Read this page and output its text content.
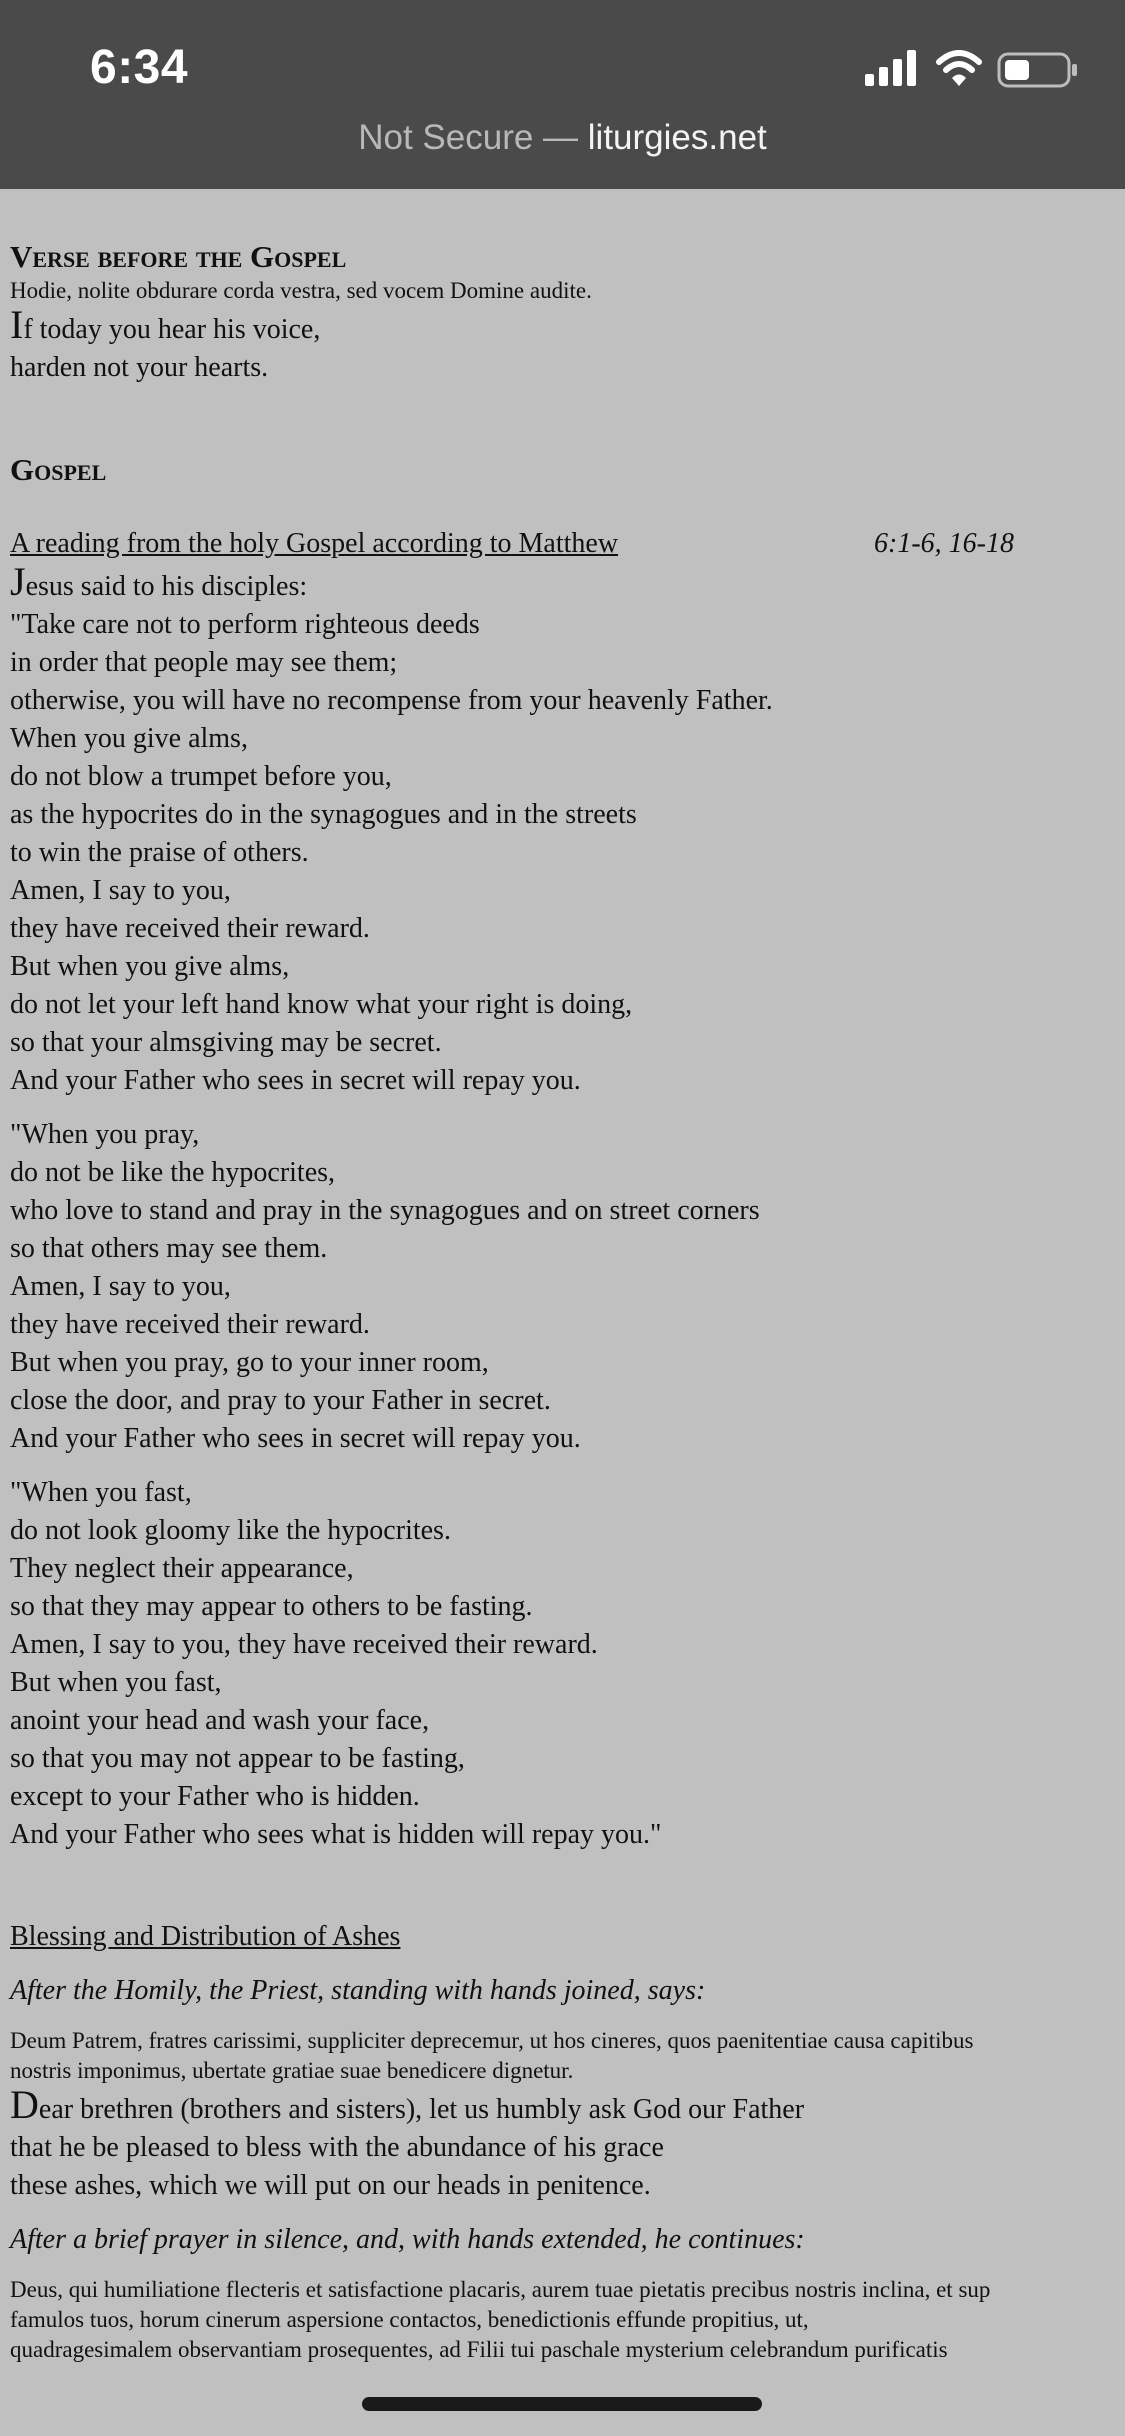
6:34
Not Secure — liturgies.net
Verse before the Gospel
Hodie, nolite obdurare corda vestra, sed vocem Domine audite.
If today you hear his voice,
harden not your hearts.
Gospel
A reading from the holy Gospel according to Matthew	6:1-6, 16-18
Jesus said to his disciples:
"Take care not to perform righteous deeds
in order that people may see them;
otherwise, you will have no recompense from your heavenly Father.
When you give alms,
do not blow a trumpet before you,
as the hypocrites do in the synagogues and in the streets
to win the praise of others.
Amen, I say to you,
they have received their reward.
But when you give alms,
do not let your left hand know what your right is doing,
so that your almsgiving may be secret.
And your Father who sees in secret will repay you.
"When you pray,
do not be like the hypocrites,
who love to stand and pray in the synagogues and on street corners
so that others may see them.
Amen, I say to you,
they have received their reward.
But when you pray, go to your inner room,
close the door, and pray to your Father in secret.
And your Father who sees in secret will repay you.
"When you fast,
do not look gloomy like the hypocrites.
They neglect their appearance,
so that they may appear to others to be fasting.
Amen, I say to you, they have received their reward.
But when you fast,
anoint your head and wash your face,
so that you may not appear to be fasting,
except to your Father who is hidden.
And your Father who sees what is hidden will repay you."
Blessing and Distribution of Ashes
After the Homily, the Priest, standing with hands joined, says:
Deum Patrem, fratres carissimi, suppliciter deprecemur, ut hos cineres, quos paenitentiae causa capitibus
nostris imponimus, ubertate gratiae suae benedicere dignetur.
Dear brethren (brothers and sisters), let us humbly ask God our Father
that he be pleased to bless with the abundance of his grace
these ashes, which we will put on our heads in penitence.
After a brief prayer in silence, and, with hands extended, he continues:
Deus, qui humiliatione flecteris et satisfactione placaris, aurem tuae pietatis precibus nostris inclina, et sup
famulos tuos, horum cinerum aspersione contactos, benedictionis effunde propitius, ut,
quadragesimalem observantiam prosequentes, ad Filii tui paschale mysterium celebrandum purificatis
